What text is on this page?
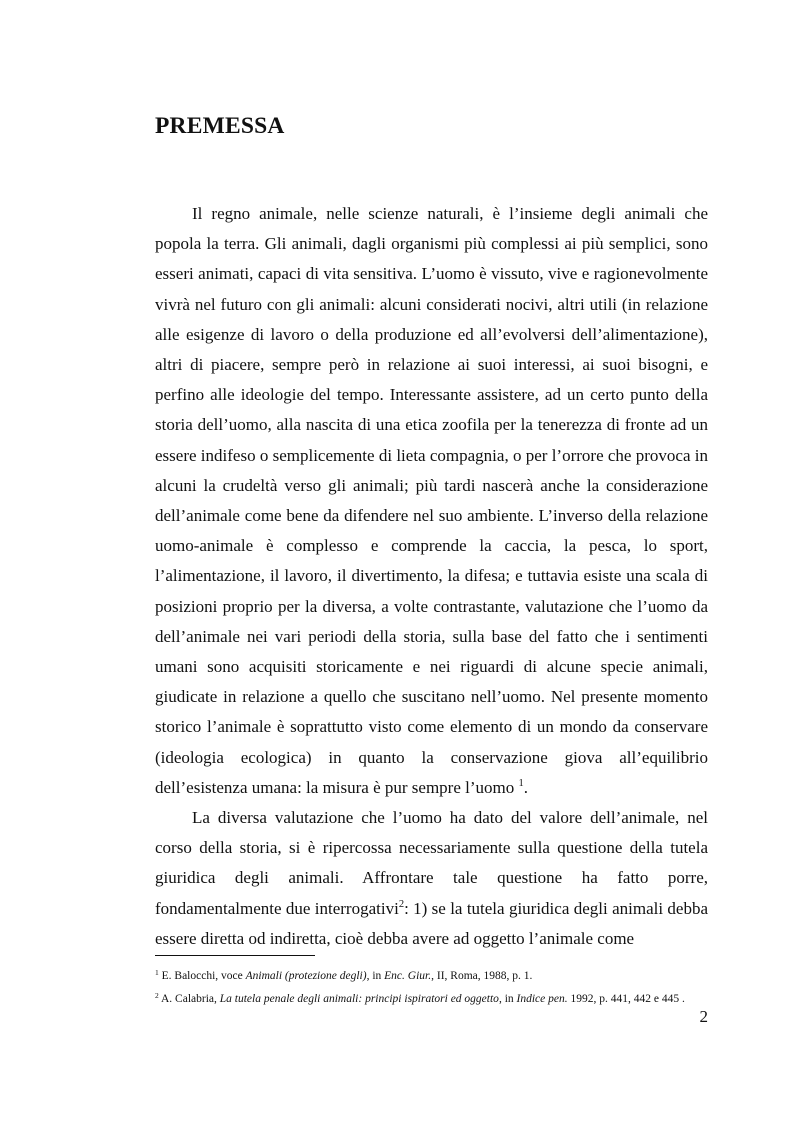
PREMESSA

Il regno animale, nelle scienze naturali, è l’insieme degli animali che popola la terra. Gli animali, dagli organismi più complessi ai più semplici, sono esseri animati, capaci di vita sensitiva. L’uomo è vissuto, vive e ragionevolmente vivrà nel futuro con gli animali: alcuni considerati nocivi, altri utili (in relazione alle esigenze di lavoro o della produzione ed all’evolversi dell’alimentazione), altri di piacere, sempre però in relazione ai suoi interessi, ai suoi bisogni, e perfino alle ideologie del tempo. Interessante assistere, ad un certo punto della storia dell’uomo, alla nascita di una etica zoofila per la tenerezza di fronte ad un essere indifeso o semplicemente di lieta compagnia, o per l’orrore che provoca in alcuni la crudeltà verso gli animali; più tardi nascerà anche la considerazione dell’animale come bene da difendere nel suo ambiente. L’inverso della relazione uomo-animale è complesso e comprende la caccia, la pesca, lo sport, l’alimentazione, il lavoro, il divertimento, la difesa; e tuttavia esiste una scala di posizioni proprio per la diversa, a volte contrastante, valutazione che l’uomo da dell’animale nei vari periodi della storia, sulla base del fatto che i sentimenti umani sono acquisiti storicamente e nei riguardi di alcune specie animali, giudicate in relazione a quello che suscitano nell’uomo. Nel presente momento storico l’animale è soprattutto visto come elemento di un mondo da conservare (ideologia ecologica) in quanto la conservazione giova all’equilibrio dell’esistenza umana: la misura è pur sempre l’uomo $^1$.

La diversa valutazione che l’uomo ha dato del valore dell’animale, nel corso della storia, si è ripercossa necessariamente sulla questione della tutela giuridica degli animali. Affrontare tale questione ha fatto porre, fondamentalmente due interrogativi$^2$: 1) se la tutela giuridica degli animali debba essere diretta od indiretta, cioè debba avere ad oggetto l’animale come

$^1$ E. Balocchi, voce Animali (protezione degli), in Enc. Giur., II, Roma, 1988, p. 1.

$^2$ A. Calabria, La tutela penale degli animali: principi ispiratori ed oggetto, in Indice pen. 1992, p. 441, 442 e 445 .

2
